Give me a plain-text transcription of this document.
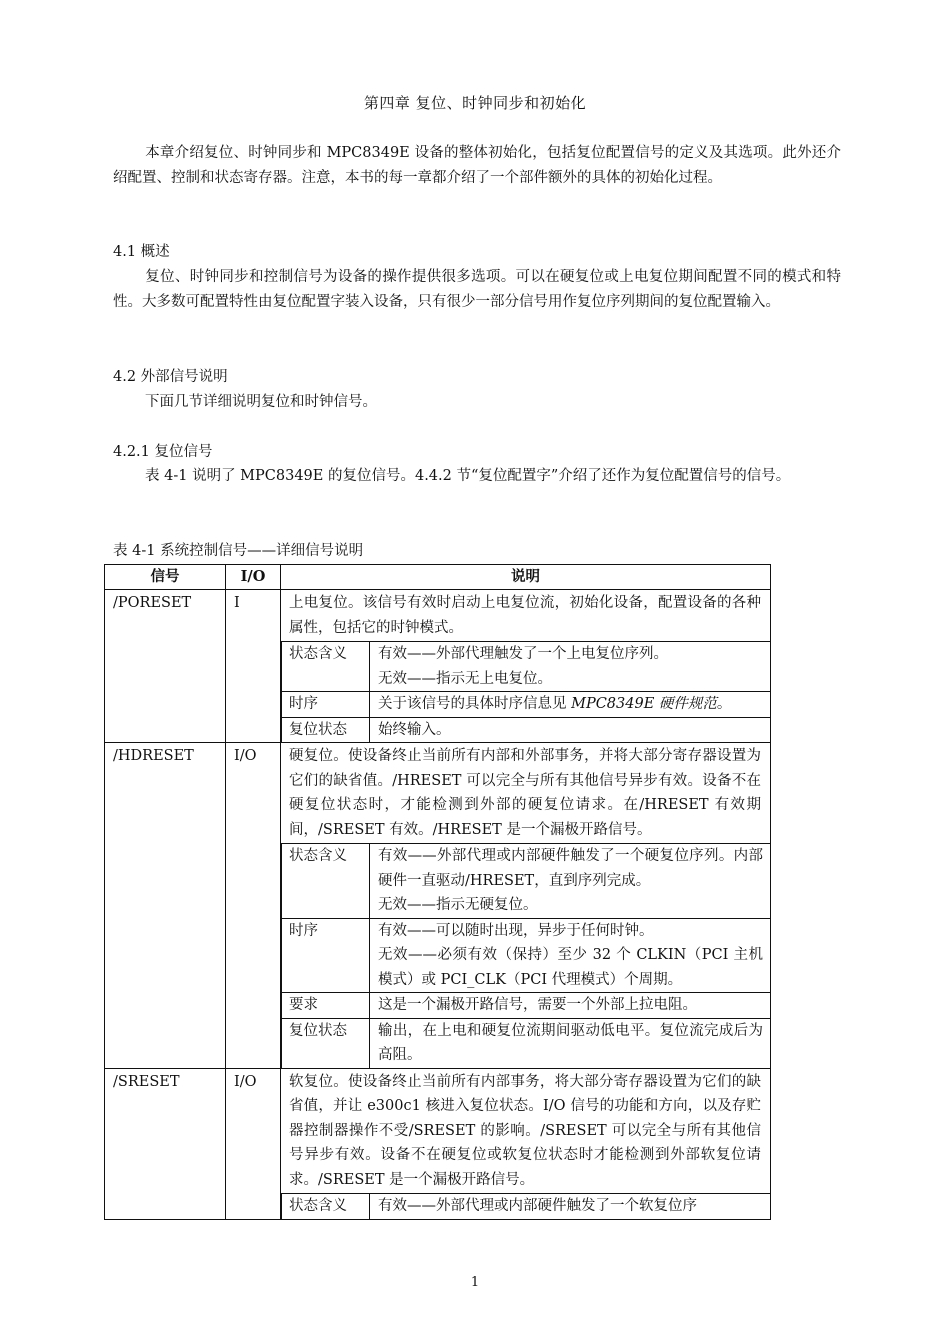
第四章 复位、时钟同步和初始化

本章介绍复位、时钟同步和 MPC8349E 设备的整体初始化，包括复位配置信号的定义及其选项。此外还介绍配置、控制和状态寄存器。注意，本书的每一章都介绍了一个部件额外的具体的初始化过程。

4.1 概述

复位、时钟同步和控制信号为设备的操作提供很多选项。可以在硬复位或上电复位期间配置不同的模式和特性。大多数可配置特性由复位配置字装入设备，只有很少一部分信号用作复位序列期间的复位配置输入。

4.2 外部信号说明

下面几节详细说明复位和时钟信号。

4.2.1 复位信号

表 4-1 说明了 MPC8349E 的复位信号。4.4.2 节“复位配置字”介绍了还作为复位配置信号的信号。

表 4-1 系统控制信号——详细信号说明

信号	I/O	说明
/PORESET	I	上电复位。该信号有效时启动上电复位流，初始化设备，配置设备的各种属性，包括它的时钟模式。
状态含义	有效——外部代理触发了一个上电复位序列。
无效——指示无上电复位。
时序	关于该信号的具体时序信息见 MPC8349E 硬件规范。
复位状态	始终输入。

/HDRESET	I/O	硬复位。使设备终止当前所有内部和外部事务，并将大部分寄存器设置为它们的缺省值。/HRESET 可以完全与所有其他信号异步有效。设备不在硬复位状态时，才能检测到外部的硬复位请求。在/HRESET 有效期间，/SRESET 有效。/HRESET 是一个漏极开路信号。
状态含义	有效——外部代理或内部硬件触发了一个硬复位序列。内部硬件一直驱动/HRESET，直到序列完成。
无效——指示无硬复位。
时序	有效——可以随时出现，异步于任何时钟。
无效——必须有效（保持）至少 32 个 CLKIN（PCI 主机模式）或 PCI_CLK（PCI 代理模式）个周期。
要求	这是一个漏极开路信号，需要一个外部上拉电阻。
复位状态	输出，在上电和硬复位流期间驱动低电平。复位流完成后为高阻。

/SRESET	I/O	软复位。使设备终止当前所有内部事务，将大部分寄存器设置为它们的缺省值，并让 e300c1 核进入复位状态。I/O 信号的功能和方向，以及存贮器控制器操作不受/SRESET 的影响。/SRESET 可以完全与所有其他信号异步有效。设备不在硬复位或软复位状态时才能检测到外部软复位请求。/SRESET 是一个漏极开路信号。
状态含义	有效——外部代理或内部硬件触发了一个软复位序
1
